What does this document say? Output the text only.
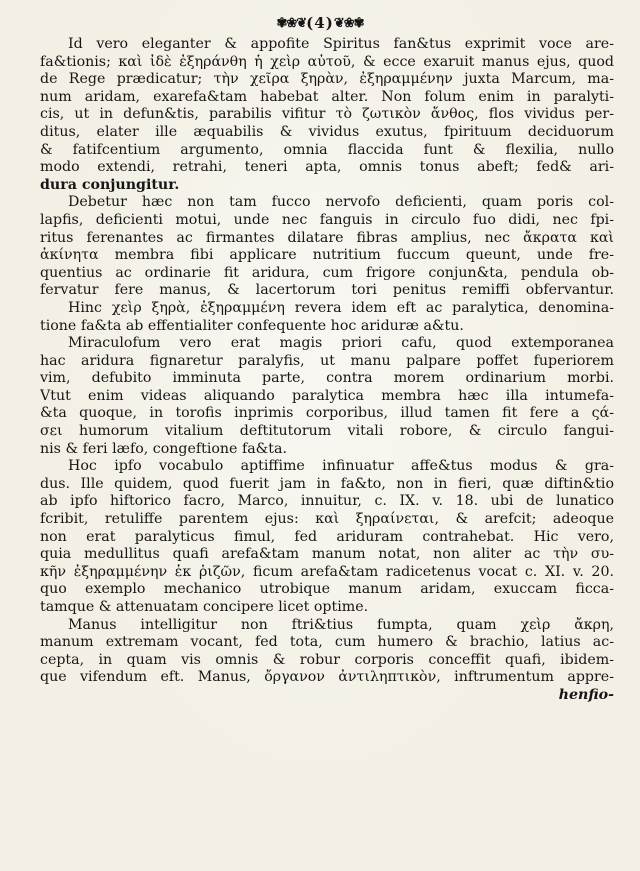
✾❀❦(4)❦❀✾
Id vero eleganter & appofite Spiritus fan&tus exprimit voce are-
fa&tionis; καὶ ἰδὲ ἐξηράνθη ἡ χεὶρ αὐτοῦ, & ecce exaruit manus ejus, quod
de Rege prædicatur; τὴν χεῖρα ξηρὰν, ἐξηραμμένην juxta Marcum, ma-
num aridam, exarefa&tam habebat alter. Non folum enim in paralyti-
cis, ut in defun&tis, parabilis vifitur τὸ ζωτικὸν ἄνθος, flos vividus per-
ditus, elater ille æquabilis & vividus exutus, fpirituum deciduorum
& fatifcentium argumento, omnia flaccida funt & flexilia, nullo
modo extendi, retrahi, teneri apta, omnis tonus abeft; fed& ari-
dura conjungitur.
Debetur hæc non tam fucco nervofo deficienti, quam poris col-
lapfis, deficienti motui, unde nec fanguis in circulo fuo didi, nec fpi-
ritus ferenantes ac firmantes dilatare fibras amplius, nec ἄκρατα καὶ
ἀκίνητα membra fibi applicare nutritium fuccum queunt, unde fre-
quentius ac ordinarie fit aridura, cum frigore conjun&ta, pendula ob-
fervatur fere manus, & lacertorum tori penitus remiffi obfervantur.
Hinc χεὶρ ξηρὰ, ἐξηραμμένη revera idem eft ac paralytica, denomina-
tione fa&ta ab effentialiter confequente hoc ariduræ a&tu.
Miraculofum vero erat magis priori cafu, quod extemporanea
hac aridura fignaretur paralyfis, ut manu palpare poffet fuperiorem
vim, defubito imminuta parte, contra morem ordinarium morbi.
Vtut enim videas aliquando paralytica membra hæc illa intumefa-
&ta quoque, in torofis inprimis corporibus, illud tamen fit fere a ςά-
σει humorum vitalium deftitutorum vitali robore, & circulo fangui-
nis & feri læfo, congeftione fa&ta.
Hoc ipfo vocabulo aptiffime infinuatur affe&tus modus & gra-
dus. Ille quidem, quod fuerit jam in fa&to, non in fieri, quæ diftin&tio
ab ipfo hiftorico facro, Marco, innuitur, c. IX. v. 18. ubi de lunatico
fcribit, retuliffe parentem ejus: καὶ ξηραίνεται, & arefcit; adeoque
non erat paralyticus fimul, fed ariduram contrahebat. Hic vero,
quia medullitus quafi arefa&tam manum notat, non aliter ac τὴν συ-
κῆν ἐξηραμμένην ἐκ ῥιζῶν, ficum arefa&tam radicetenus vocat c. XI. v. 20.
quo exemplo mechanico utrobique manum aridam, exuccam ficca-
tamque & attenuatam concipere licet optime.
Manus intelligitur non ftri&tius fumpta, quam χεὶρ ἄκρη,
manum extremam vocant, fed tota, cum humero & brachio, latius ac-
cepta, in quam vis omnis & robur corporis conceffit quafi, ibidem-
que vifendum eft. Manus, ὄργανον ἀντιληπτικὸν, inftrumentum appre-
henfio-
